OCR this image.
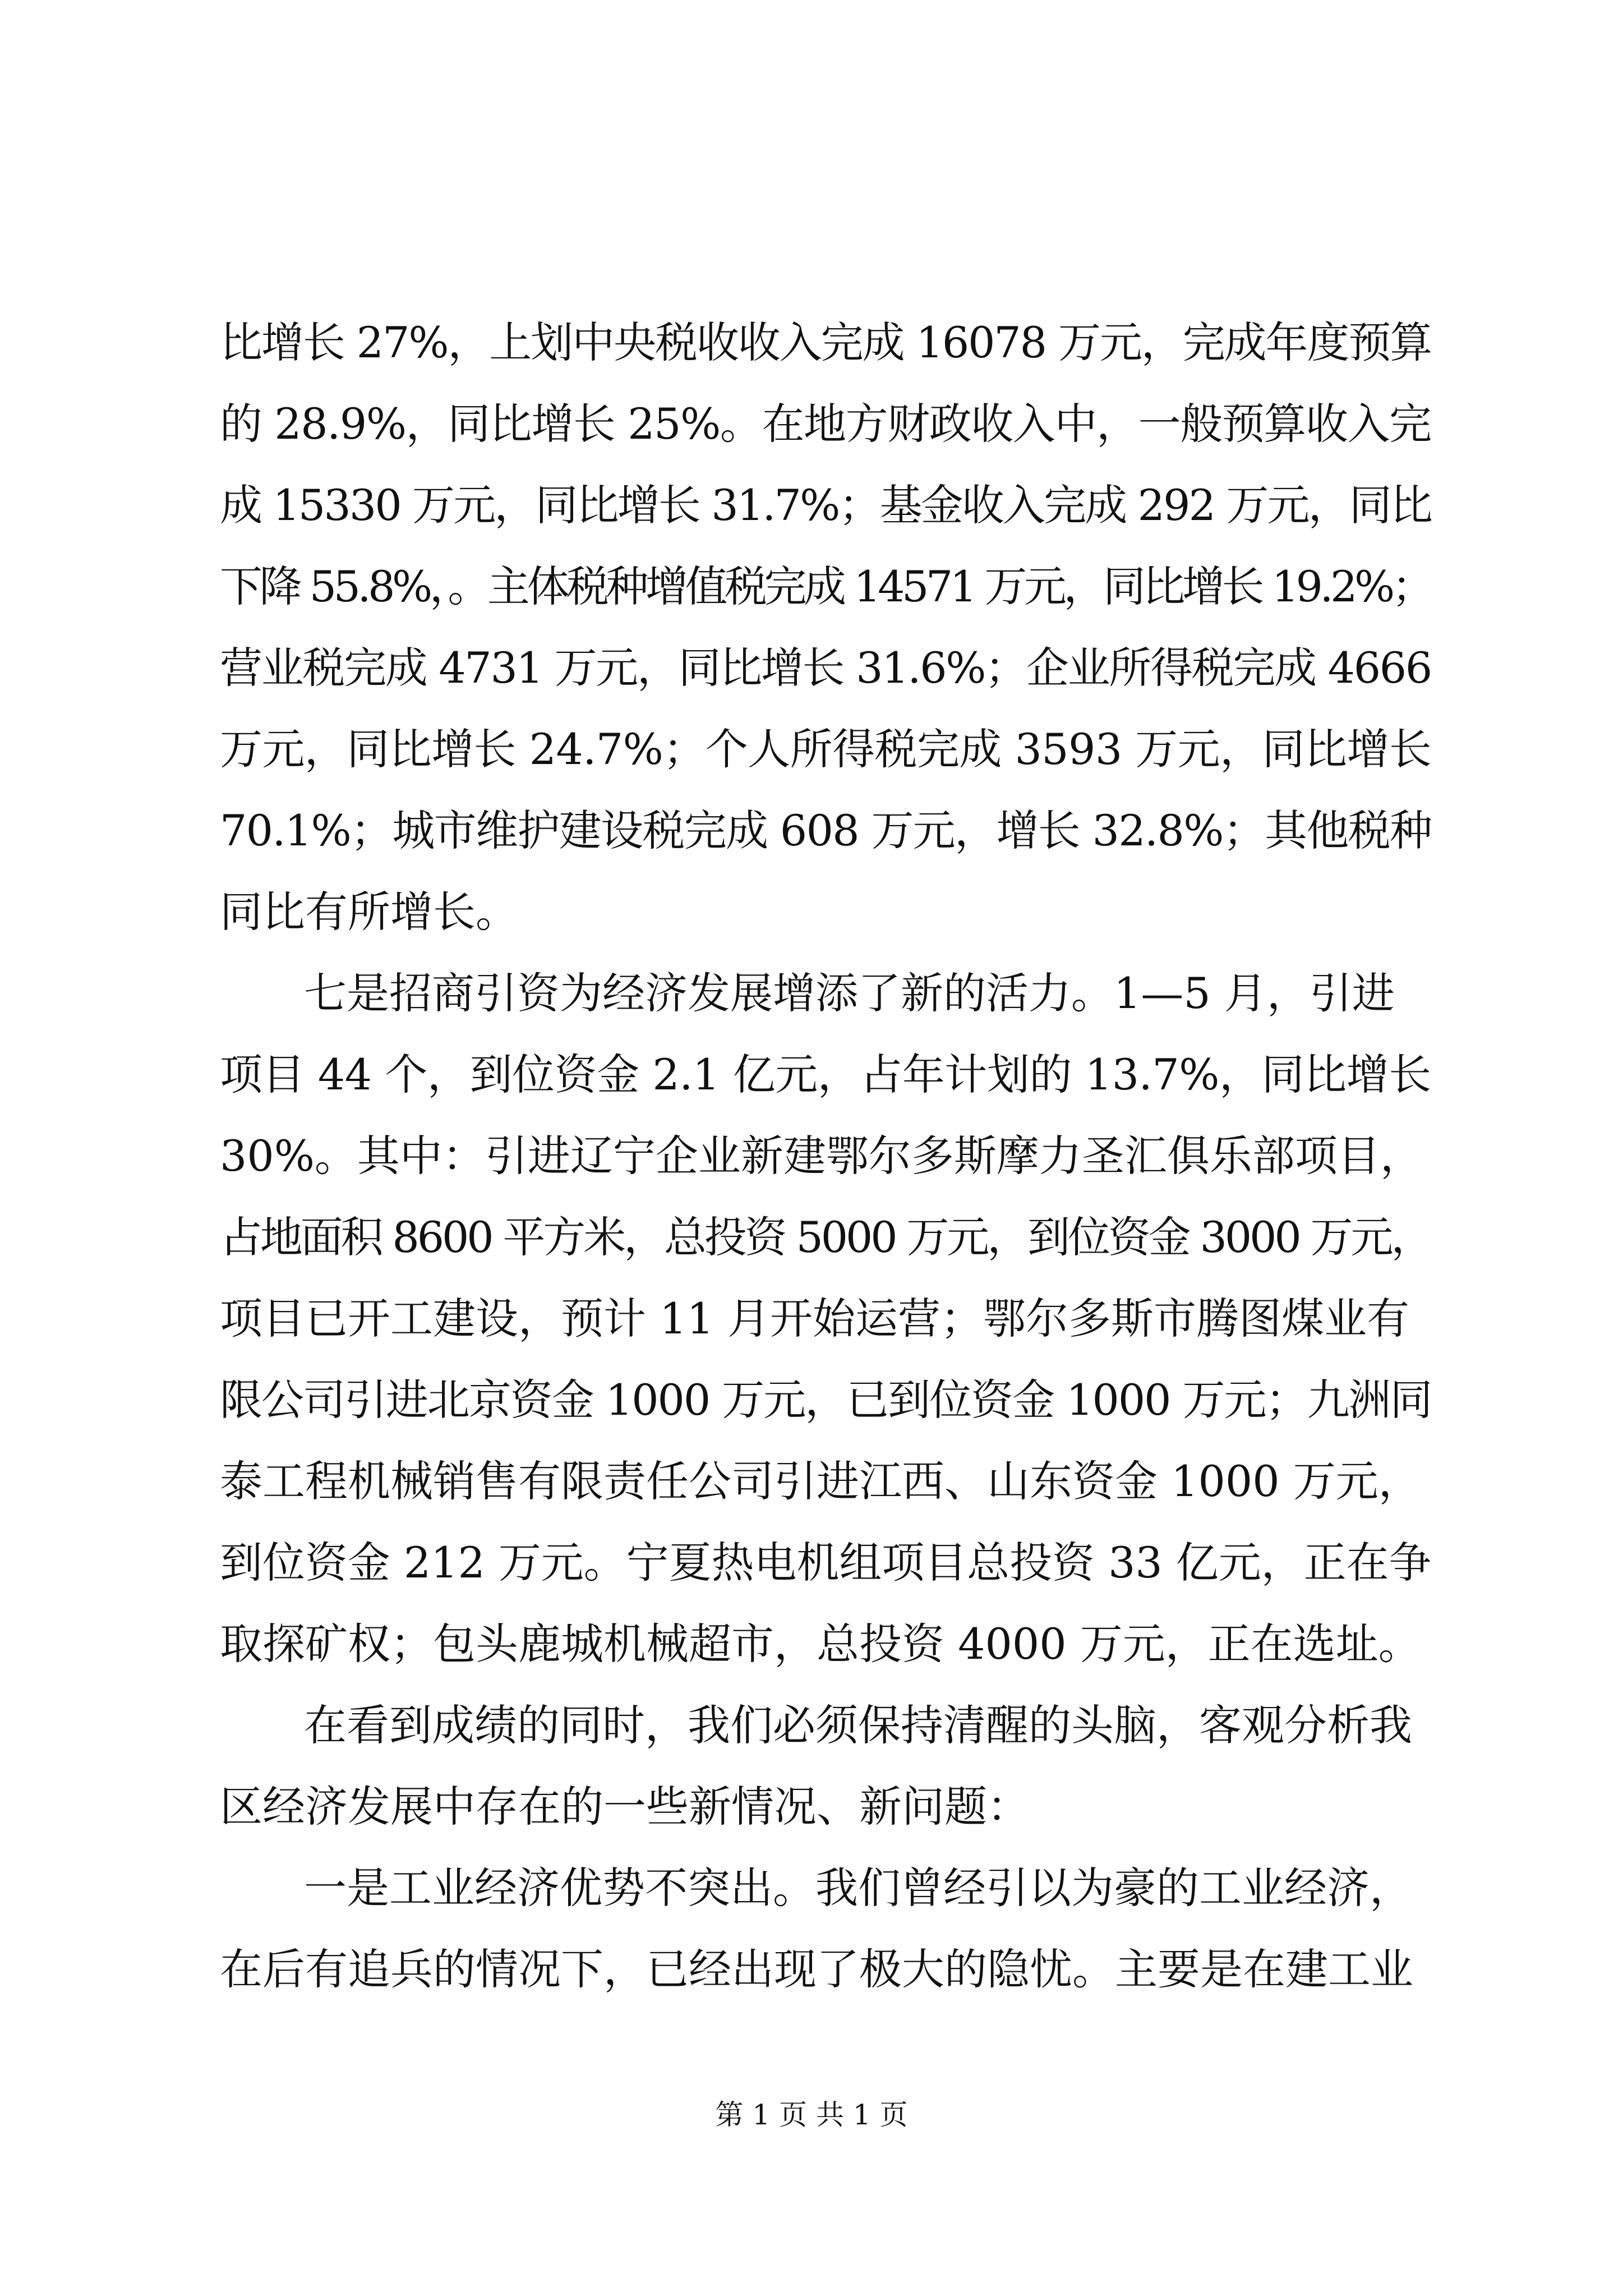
比增长 27%，上划中央税收收入完成 16078 万元，完成年度预算
的 28.9%，同比增长 25%。在地方财政收入中，一般预算收入完
成 15330 万元，同比增长 31.7%；基金收入完成 292 万元，同比
下降 55.8%，。主体税种增值税完成 14571 万元，同比增长 19.2%；
营业税完成 4731 万元，同比增长 31.6%；企业所得税完成 4666
万元，同比增长 24.7%；个人所得税完成 3593 万元，同比增长
70.1%；城市维护建设税完成 608 万元，增长 32.8%；其他税种
同比有所增长。
七是招商引资为经济发展增添了新的活力。1—5 月，引进
项目 44 个，到位资金 2.1 亿元，占年计划的 13.7%，同比增长
30%。其中：引进辽宁企业新建鄂尔多斯摩力圣汇俱乐部项目，
占地面积 8600 平方米，总投资 5000 万元，到位资金 3000 万元，
项目已开工建设，预计 11 月开始运营；鄂尔多斯市腾图煤业有
限公司引进北京资金 1000 万元，已到位资金 1000 万元；九洲同
泰工程机械销售有限责任公司引进江西、山东资金 1000 万元，
到位资金 212 万元。宁夏热电机组项目总投资 33 亿元，正在争
取探矿权；包头鹿城机械超市，总投资 4000 万元，正在选址。
在看到成绩的同时，我们必须保持清醒的头脑，客观分析我
区经济发展中存在的一些新情况、新问题：
一是工业经济优势不突出。我们曾经引以为豪的工业经济，
在后有追兵的情况下，已经出现了极大的隐忧。主要是在建工业
第 1 页 共 1 页
